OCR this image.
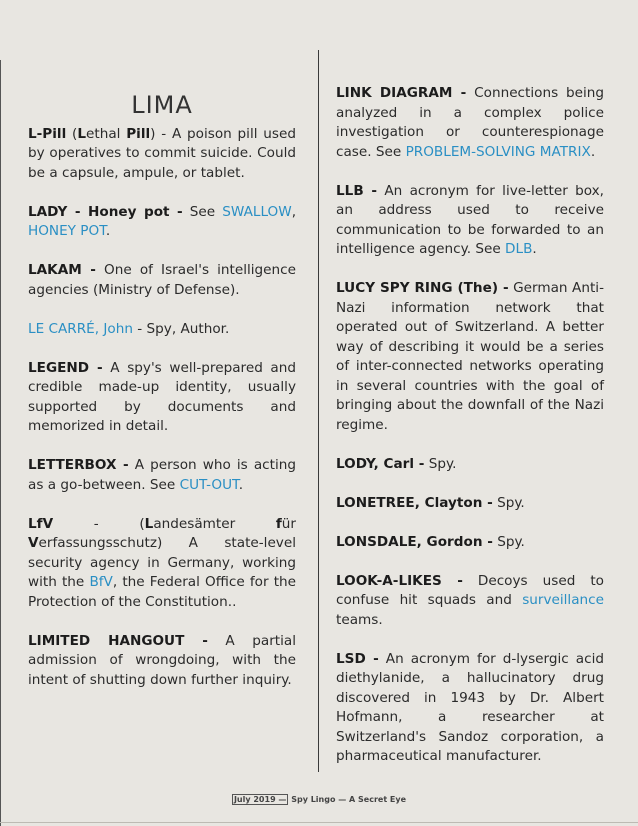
LIMA
L-Pill (Lethal Pill) - A poison pill used by operatives to commit suicide. Could be a capsule, ampule, or tablet.
LADY - Honey pot - See SWALLOW, HONEY POT.
LAKAM - One of Israel's intelligence agencies (Ministry of Defense).
LE CARRÉ, John - Spy, Author.
LEGEND - A spy's well-prepared and credible made-up identity, usually supported by documents and memorized in detail.
LETTERBOX - A person who is acting as a go-between. See CUT-OUT.
LfV - (Landesämter für Verfassungsschutz) A state-level security agency in Germany, working with the BfV, the Federal Office for the Protection of the Constitution..
LIMITED HANGOUT - A partial admission of wrongdoing, with the intent of shutting down further inquiry.
LINK DIAGRAM - Connections being analyzed in a complex police investigation or counterespionage case. See PROBLEM-SOLVING MATRIX.
LLB - An acronym for live-letter box, an address used to receive communication to be forwarded to an intelligence agency. See DLB.
LUCY SPY RING (The) - German Anti-Nazi information network that operated out of Switzerland. A better way of describing it would be a series of inter-connected networks operating in several countries with the goal of bringing about the downfall of the Nazi regime.
LODY, Carl - Spy.
LONETREE, Clayton - Spy.
LONSDALE, Gordon - Spy.
LOOK-A-LIKES - Decoys used to confuse hit squads and surveillance teams.
LSD - An acronym for d-lysergic acid diethylanide, a hallucinatory drug discovered in 1943 by Dr. Albert Hofmann, a researcher at Switzerland's Sandoz corporation, a pharmaceutical manufacturer.
July 2019 — Spy Lingo — A Secret Eye
